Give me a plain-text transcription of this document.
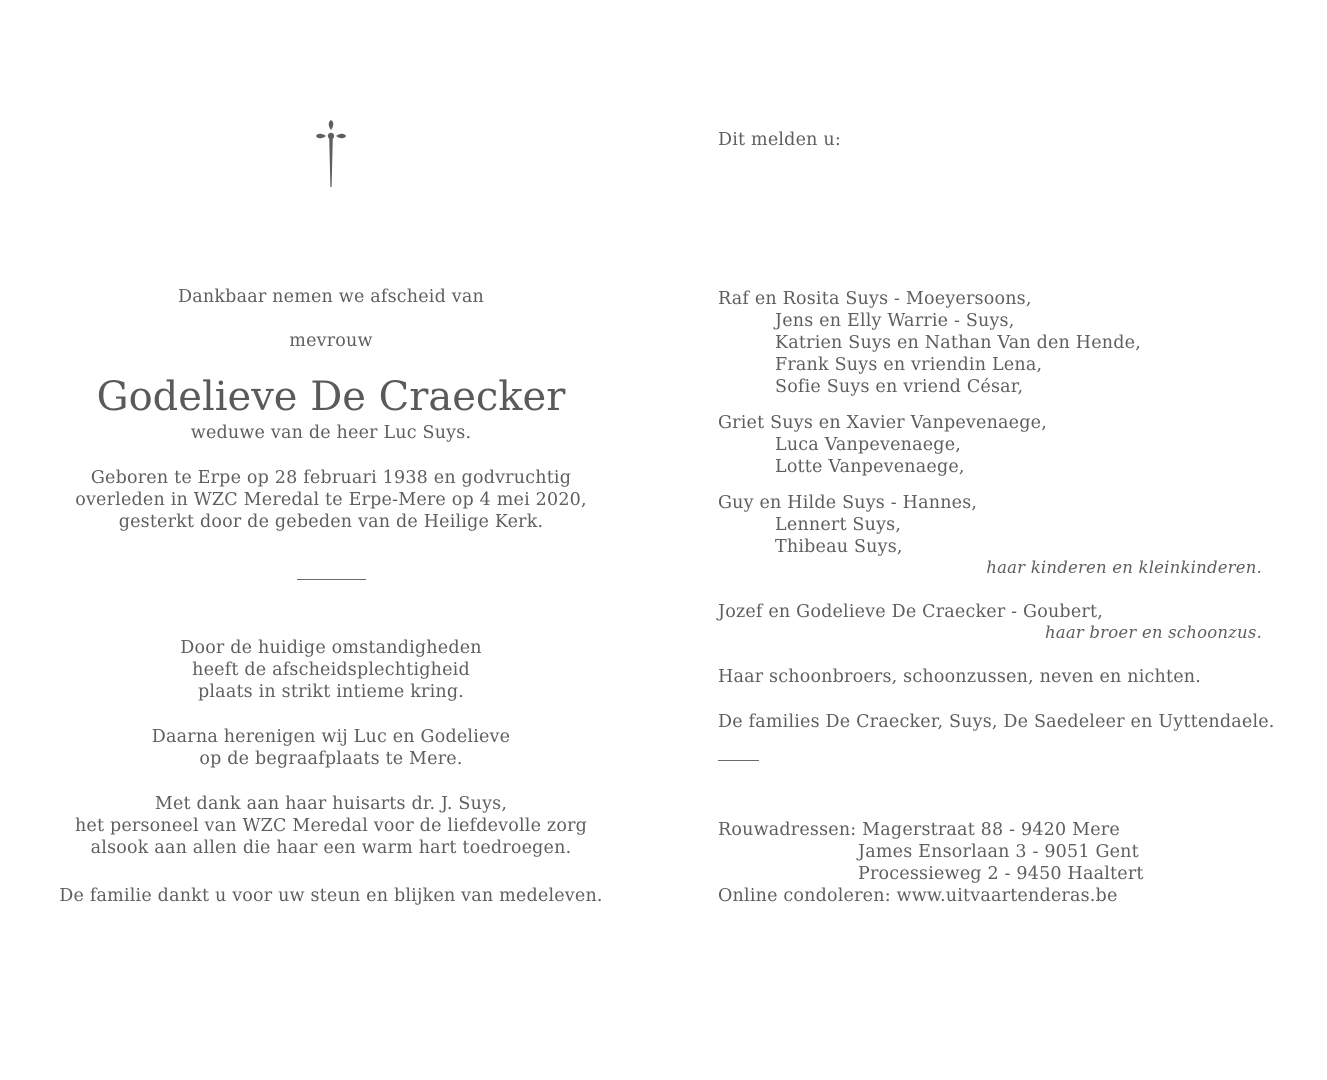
Dankbaar nemen we afscheid van
mevrouw
Godelieve De Craecker
weduwe van de heer Luc Suys.
Geboren te Erpe op 28 februari 1938 en godvruchtig
overleden in WZC Meredal te Erpe-Mere op 4 mei 2020,
gesterkt door de gebeden van de Heilige Kerk.
Door de huidige omstandigheden
heeft de afscheidsplechtigheid
plaats in strikt intieme kring.
Daarna herenigen wij Luc en Godelieve
op de begraafplaats te Mere.
Met dank aan haar huisarts dr. J. Suys,
het personeel van WZC Meredal voor de liefdevolle zorg
alsook aan allen die haar een warm hart toedroegen.
De familie dankt u voor uw steun en blijken van medeleven.
Dit melden u:
Raf en Rosita Suys - Moeyersoons,
Jens en Elly Warrie - Suys,
Katrien Suys en Nathan Van den Hende,
Frank Suys en vriendin Lena,
Sofie Suys en vriend César,
Griet Suys en Xavier Vanpevenaege,
Luca Vanpevenaege,
Lotte Vanpevenaege,
Guy en Hilde Suys - Hannes,
Lennert Suys,
Thibeau Suys,
haar kinderen en kleinkinderen.
Jozef en Godelieve De Craecker - Goubert,
haar broer en schoonzus.
Haar schoonbroers, schoonzussen, neven en nichten.
De families De Craecker, Suys, De Saedeleer en Uyttendaele.
Rouwadressen: Magerstraat 88 - 9420 Mere
James Ensorlaan 3 - 9051 Gent
Processieweg 2 - 9450 Haaltert
Online condoleren: www.uitvaartenderas.be
